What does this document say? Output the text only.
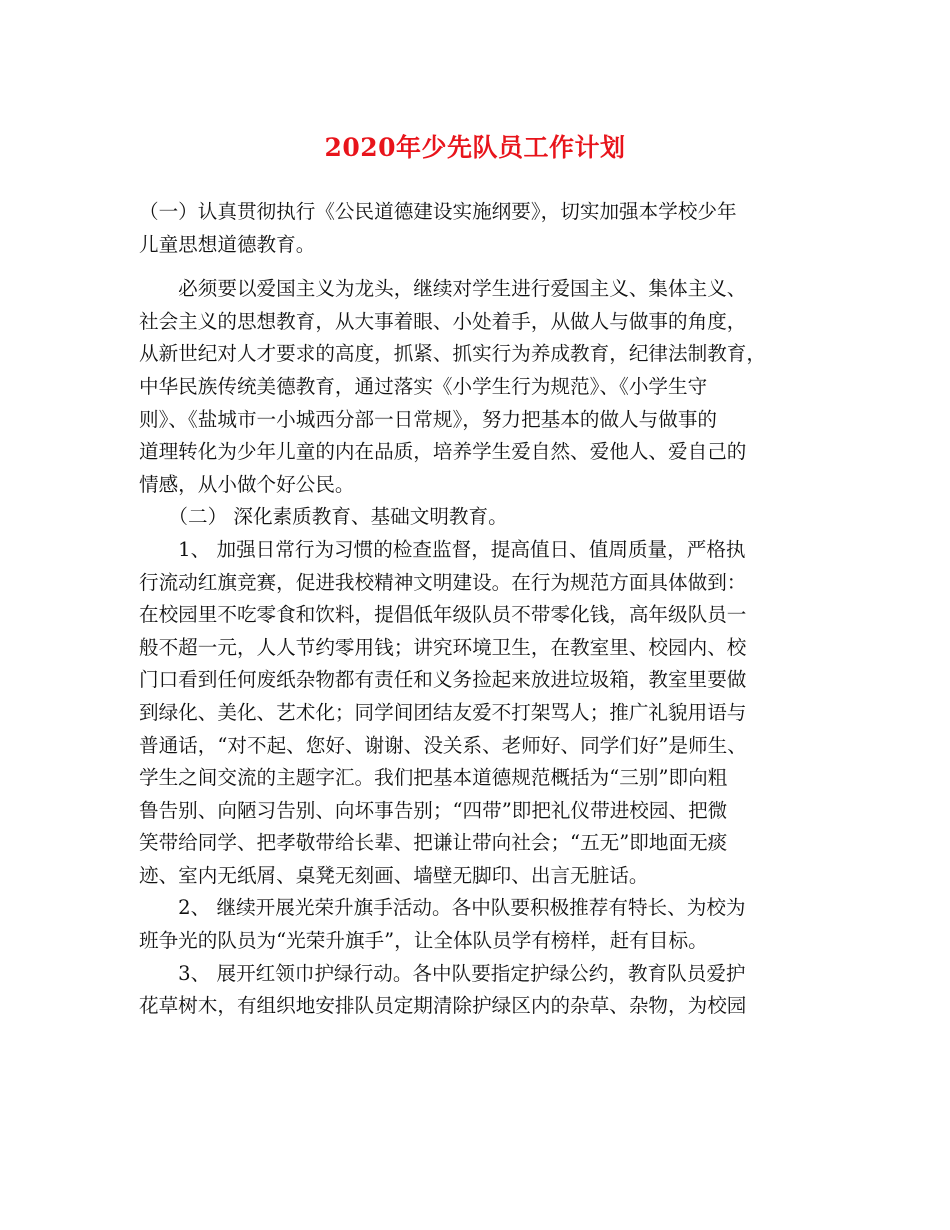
2020年少先队员工作计划
（一）认真贯彻执行《公民道德建设实施纲要》，切实加强本学校少年
儿童思想道德教育。
　　必须要以爱国主义为龙头，继续对学生进行爱国主义、集体主义、
社会主义的思想教育，从大事着眼、小处着手，从做人与做事的角度，
从新世纪对人才要求的高度，抓紧、抓实行为养成教育，纪律法制教育，
中华民族传统美德教育，通过落实《小学生行为规范》、《小学生守
则》、《盐城市一小城西分部一日常规》，努力把基本的做人与做事的
道理转化为少年儿童的内在品质，培养学生爱自然、爱他人、爱自己的
情感，从小做个好公民。
　　（二） 深化素质教育、基础文明教育。
　　1、 加强日常行为习惯的检查监督，提高值日、值周质量，严格执
行流动红旗竞赛，促进我校精神文明建设。在行为规范方面具体做到：
在校园里不吃零食和饮料，提倡低年级队员不带零化钱，高年级队员一
般不超一元，人人节约零用钱；讲究环境卫生，在教室里、校园内、校
门口看到任何废纸杂物都有责任和义务捡起来放进垃圾箱，教室里要做
到绿化、美化、艺术化；同学间团结友爱不打架骂人；推广礼貌用语与
普通话，“对不起、您好、谢谢、没关系、老师好、同学们好”是师生、
学生之间交流的主题字汇。我们把基本道德规范概括为“三别”即向粗
鲁告别、向陋习告别、向坏事告别；“四带”即把礼仪带进校园、把微
笑带给同学、把孝敬带给长辈、把谦让带向社会；“五无”即地面无痰
迹、室内无纸屑、桌凳无刻画、墙壁无脚印、出言无脏话。
　　2、 继续开展光荣升旗手活动。各中队要积极推荐有特长、为校为
班争光的队员为“光荣升旗手”，让全体队员学有榜样，赶有目标。
　　3、 展开红领巾护绿行动。各中队要指定护绿公约，教育队员爱护
花草树木，有组织地安排队员定期清除护绿区内的杂草、杂物，为校园
